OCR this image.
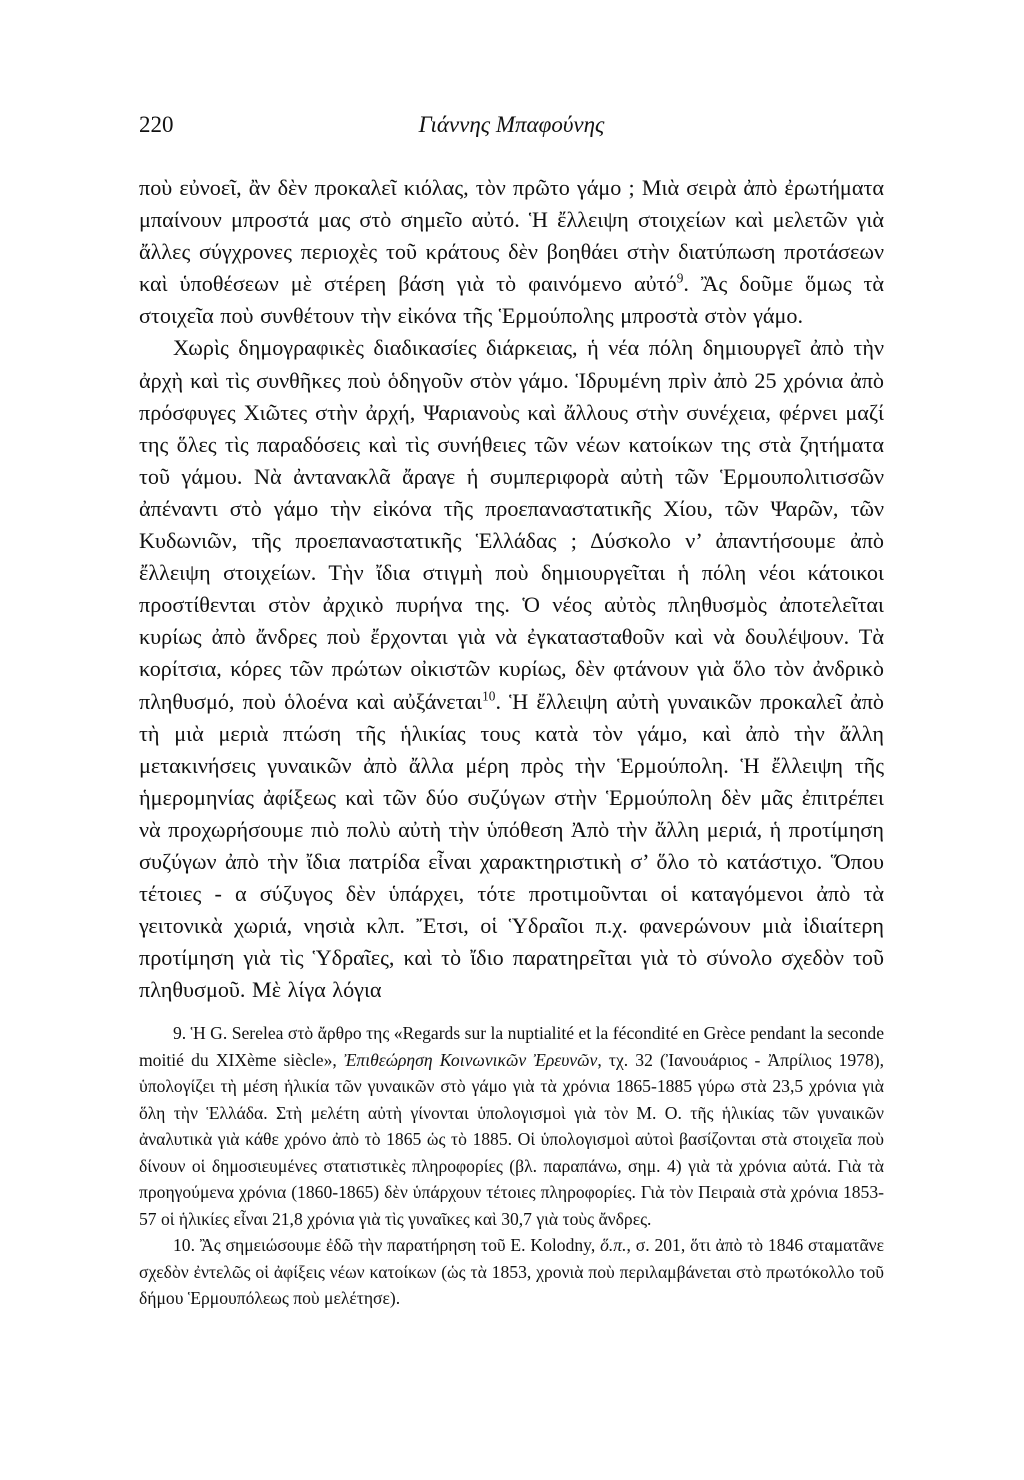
220	Γιάννης Μπαφούνης

ποὺ εὐνοεῖ, ἂν δὲν προκαλεῖ κιόλας, τὸν πρῶτο γάμο ; Μιὰ σειρὰ ἀπὸ ἐρωτήματα μπαίνουν μπροστά μας στὸ σημεῖο αὐτό. Ἡ ἔλλειψη στοιχείων καὶ μελετῶν γιὰ ἄλλες σύγχρονες περιοχὲς τοῦ κράτους δὲν βοηθάει στὴν διατύπωση προτάσεων καὶ ὑποθέσεων μὲ στέρεη βάση γιὰ τὸ φαινόμενο αὐτό$^9$. Ἂς δοῦμε ὅμως τὰ στοιχεῖα ποὺ συνθέτουν τὴν εἰκόνα τῆς Ἑρμούπολης μπροστὰ στὸν γάμο.

Χωρὶς δημογραφικὲς διαδικασίες διάρκειας, ἡ νέα πόλη δημιουργεῖ ἀπὸ τὴν ἀρχὴ καὶ τὶς συνθῆκες ποὺ ὁδηγοῦν στὸν γάμο. Ἱδρυμένη πρὶν ἀπὸ 25 χρόνια ἀπὸ πρόσφυγες Χιῶτες στὴν ἀρχή, Ψαριανοὺς καὶ ἄλλους στὴν συνέχεια, φέρνει μαζί της ὅλες τὶς παραδόσεις καὶ τὶς συνήθειες τῶν νέων κατοίκων της στὰ ζητήματα τοῦ γάμου. Νὰ ἀντανακλᾶ ἄραγε ἡ συμπεριφορὰ αὐτὴ τῶν Ἑρμουπολιτισσῶν ἀπέναντι στὸ γάμο τὴν εἰκόνα τῆς προεπαναστατικῆς Χίου, τῶν Ψαρῶν, τῶν Κυδωνιῶν, τῆς προεπαναστατικῆς Ἑλλάδας ; Δύσκολο ν’ ἀπαντήσουμε ἀπὸ ἔλλειψη στοιχείων. Τὴν ἴδια στιγμὴ ποὺ δημιουργεῖται ἡ πόλη νέοι κάτοικοι προστίθενται στὸν ἀρχικὸ πυρήνα της. Ὁ νέος αὐτὸς πληθυσμὸς ἀποτελεῖται κυρίως ἀπὸ ἄνδρες ποὺ ἔρχονται γιὰ νὰ ἐγκατασταθοῦν καὶ νὰ δουλέψουν. Τὰ κορίτσια, κόρες τῶν πρώτων οἰκιστῶν κυρίως, δὲν φτάνουν γιὰ ὅλο τὸν ἀνδρικὸ πληθυσμό, ποὺ ὁλοένα καὶ αὐξάνεται$^{10}$. Ἡ ἔλλειψη αὐτὴ γυναικῶν προκαλεῖ ἀπὸ τὴ μιὰ μεριὰ πτώση τῆς ἡλικίας τους κατὰ τὸν γάμο, καὶ ἀπὸ τὴν ἄλλη μετακινήσεις γυναικῶν ἀπὸ ἄλλα μέρη πρὸς τὴν Ἑρμούπολη. Ἡ ἔλλειψη τῆς ἡμερομηνίας ἀφίξεως καὶ τῶν δύο συζύγων στὴν Ἑρμούπολη δὲν μᾶς ἐπιτρέπει νὰ προχωρήσουμε πιὸ πολὺ αὐτὴ τὴν ὑπόθεση Ἀπὸ τὴν ἄλλη μεριά, ἡ προτίμηση συζύγων ἀπὸ τὴν ἴδια πατρίδα εἶναι χαρακτηριστικὴ σ’ ὅλο τὸ κατάστιχο. Ὅπου τέτοιες - α σύζυγος δὲν ὑπάρχει, τότε προτιμοῦνται οἱ καταγόμενοι ἀπὸ τὰ γειτονικὰ χωριά, νησιὰ κλπ. Ἔτσι, οἱ Ὑδραῖοι π.χ. φανερώνουν μιὰ ἰδιαίτερη προτίμηση γιὰ τὶς Ὑδραῖες, καὶ τὸ ἴδιο παρατηρεῖται γιὰ τὸ σύνολο σχεδὸν τοῦ πληθυσμοῦ. Μὲ λίγα λόγια

9. Ἡ G. Serelea στὸ ἄρθρο της «Regards sur la nuptialité et la fécondité en Grèce pendant la seconde moitié du XIXème siècle», Ἐπιθεώρηση Κοινωνικῶν Ἐρευνῶν, τχ. 32 (Ἰανουάριος - Ἀπρίλιος 1978), ὑπολογίζει τὴ μέση ἡλικία τῶν γυναικῶν στὸ γάμο γιὰ τὰ χρόνια 1865-1885 γύρω στὰ 23,5 χρόνια γιὰ ὅλη τὴν Ἑλλάδα. Στὴ μελέτη αὐτὴ γίνονται ὑπολογισμοὶ γιὰ τὸν Μ. Ο. τῆς ἡλικίας τῶν γυναικῶν ἀναλυτικὰ γιὰ κάθε χρόνο ἀπὸ τὸ 1865 ὡς τὸ 1885. Οἱ ὑπολογισμοὶ αὐτοὶ βασίζονται στὰ στοιχεῖα ποὺ δίνουν οἱ δημοσιευμένες στατιστικὲς πληροφορίες (βλ. παραπάνω, σημ. 4) γιὰ τὰ χρόνια αὐτά. Γιὰ τὰ προηγούμενα χρόνια (1860-1865) δὲν ὑπάρχουν τέτοιες πληροφορίες. Γιὰ τὸν Πειραιὰ στὰ χρόνια 1853-57 οἱ ἡλικίες εἶναι 21,8 χρόνια γιὰ τὶς γυναῖκες καὶ 30,7 γιὰ τοὺς ἄνδρες.

10. Ἂς σημειώσουμε ἐδῶ τὴν παρατήρηση τοῦ E. Kolodny, ὅ.π., σ. 201, ὅτι ἀπὸ τὸ 1846 σταματᾶνε σχεδὸν ἐντελῶς οἱ ἀφίξεις νέων κατοίκων (ὡς τὰ 1853, χρονιὰ ποὺ περιλαμβάνεται στὸ πρωτόκολλο τοῦ δήμου Ἑρμουπόλεως ποὺ μελέτησε).
